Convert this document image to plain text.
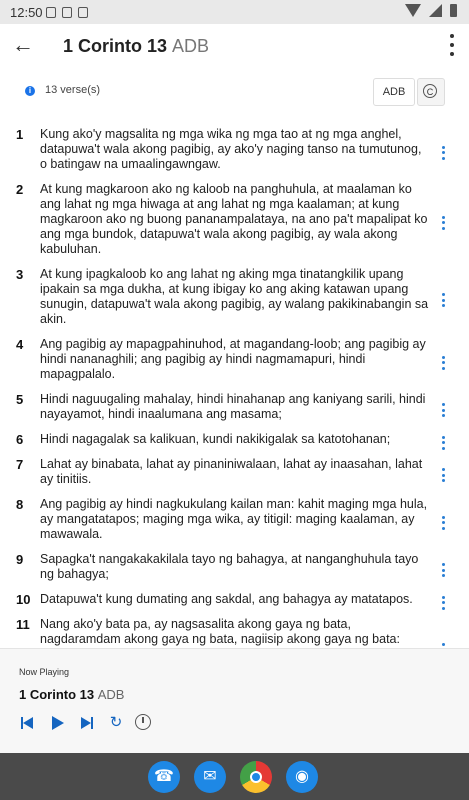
12:50
← 1 Corinto 13 ADB
i	13 verse(s)	ADB	C
1	Kung ako'y magsalita ng mga wika ng mga tao at ng mga anghel, datapuwa't wala akong pagibig, ay ako'y naging tanso na tumutunog, o batingaw na umaalingawngaw.
2	At kung magkaroon ako ng kaloob na panghuhula, at maalaman ko ang lahat ng mga hiwaga at ang lahat ng mga kaalaman; at kung magkaroon ako ng buong pananampalataya, na ano pa't mapalipat ko ang mga bundok, datapuwa't wala akong pagibig, ay wala akong kabuluhan.
3	At kung ipagkaloob ko ang lahat ng aking mga tinatangkilik upang ipakain sa mga dukha, at kung ibigay ko ang aking katawan upang sunugin, datapuwa't wala akong pagibig, ay walang pakikinabangin sa akin.
4	Ang pagibig ay mapagpahinuhod, at magandang-loob; ang pagibig ay hindi nananaghili; ang pagibig ay hindi nagmamapuri, hindi mapagpalalo.
5	Hindi naguugaling mahalay, hindi hinahanap ang kaniyang sarili, hindi nayayamot, hindi inaalumana ang masama;
6	Hindi nagagalak sa kalikuan, kundi nakikigalak sa katotohanan;
7	Lahat ay binabata, lahat ay pinaniniwalaan, lahat ay inaasahan, lahat ay tinitiis.
8	Ang pagibig ay hindi nagkukulang kailan man: kahit maging mga hula, ay mangatatapos; maging mga wika, ay titigil: maging kaalaman, ay mawawala.
9	Sapagka't nangakakakilala tayo ng bahagya, at nanganghuhula tayo ng bahagya;
10 Datapuwa't kung dumating ang sakdal, ang bahagya ay matatapos.
11 Nang ako'y bata pa, ay nagsasalita akong gaya ng bata, nagdaramdam akong gaya ng bata, nagiisip akong gaya ng bata:
Now Playing
1 Corinto 13 ADB
↻
☎	✉	◉
